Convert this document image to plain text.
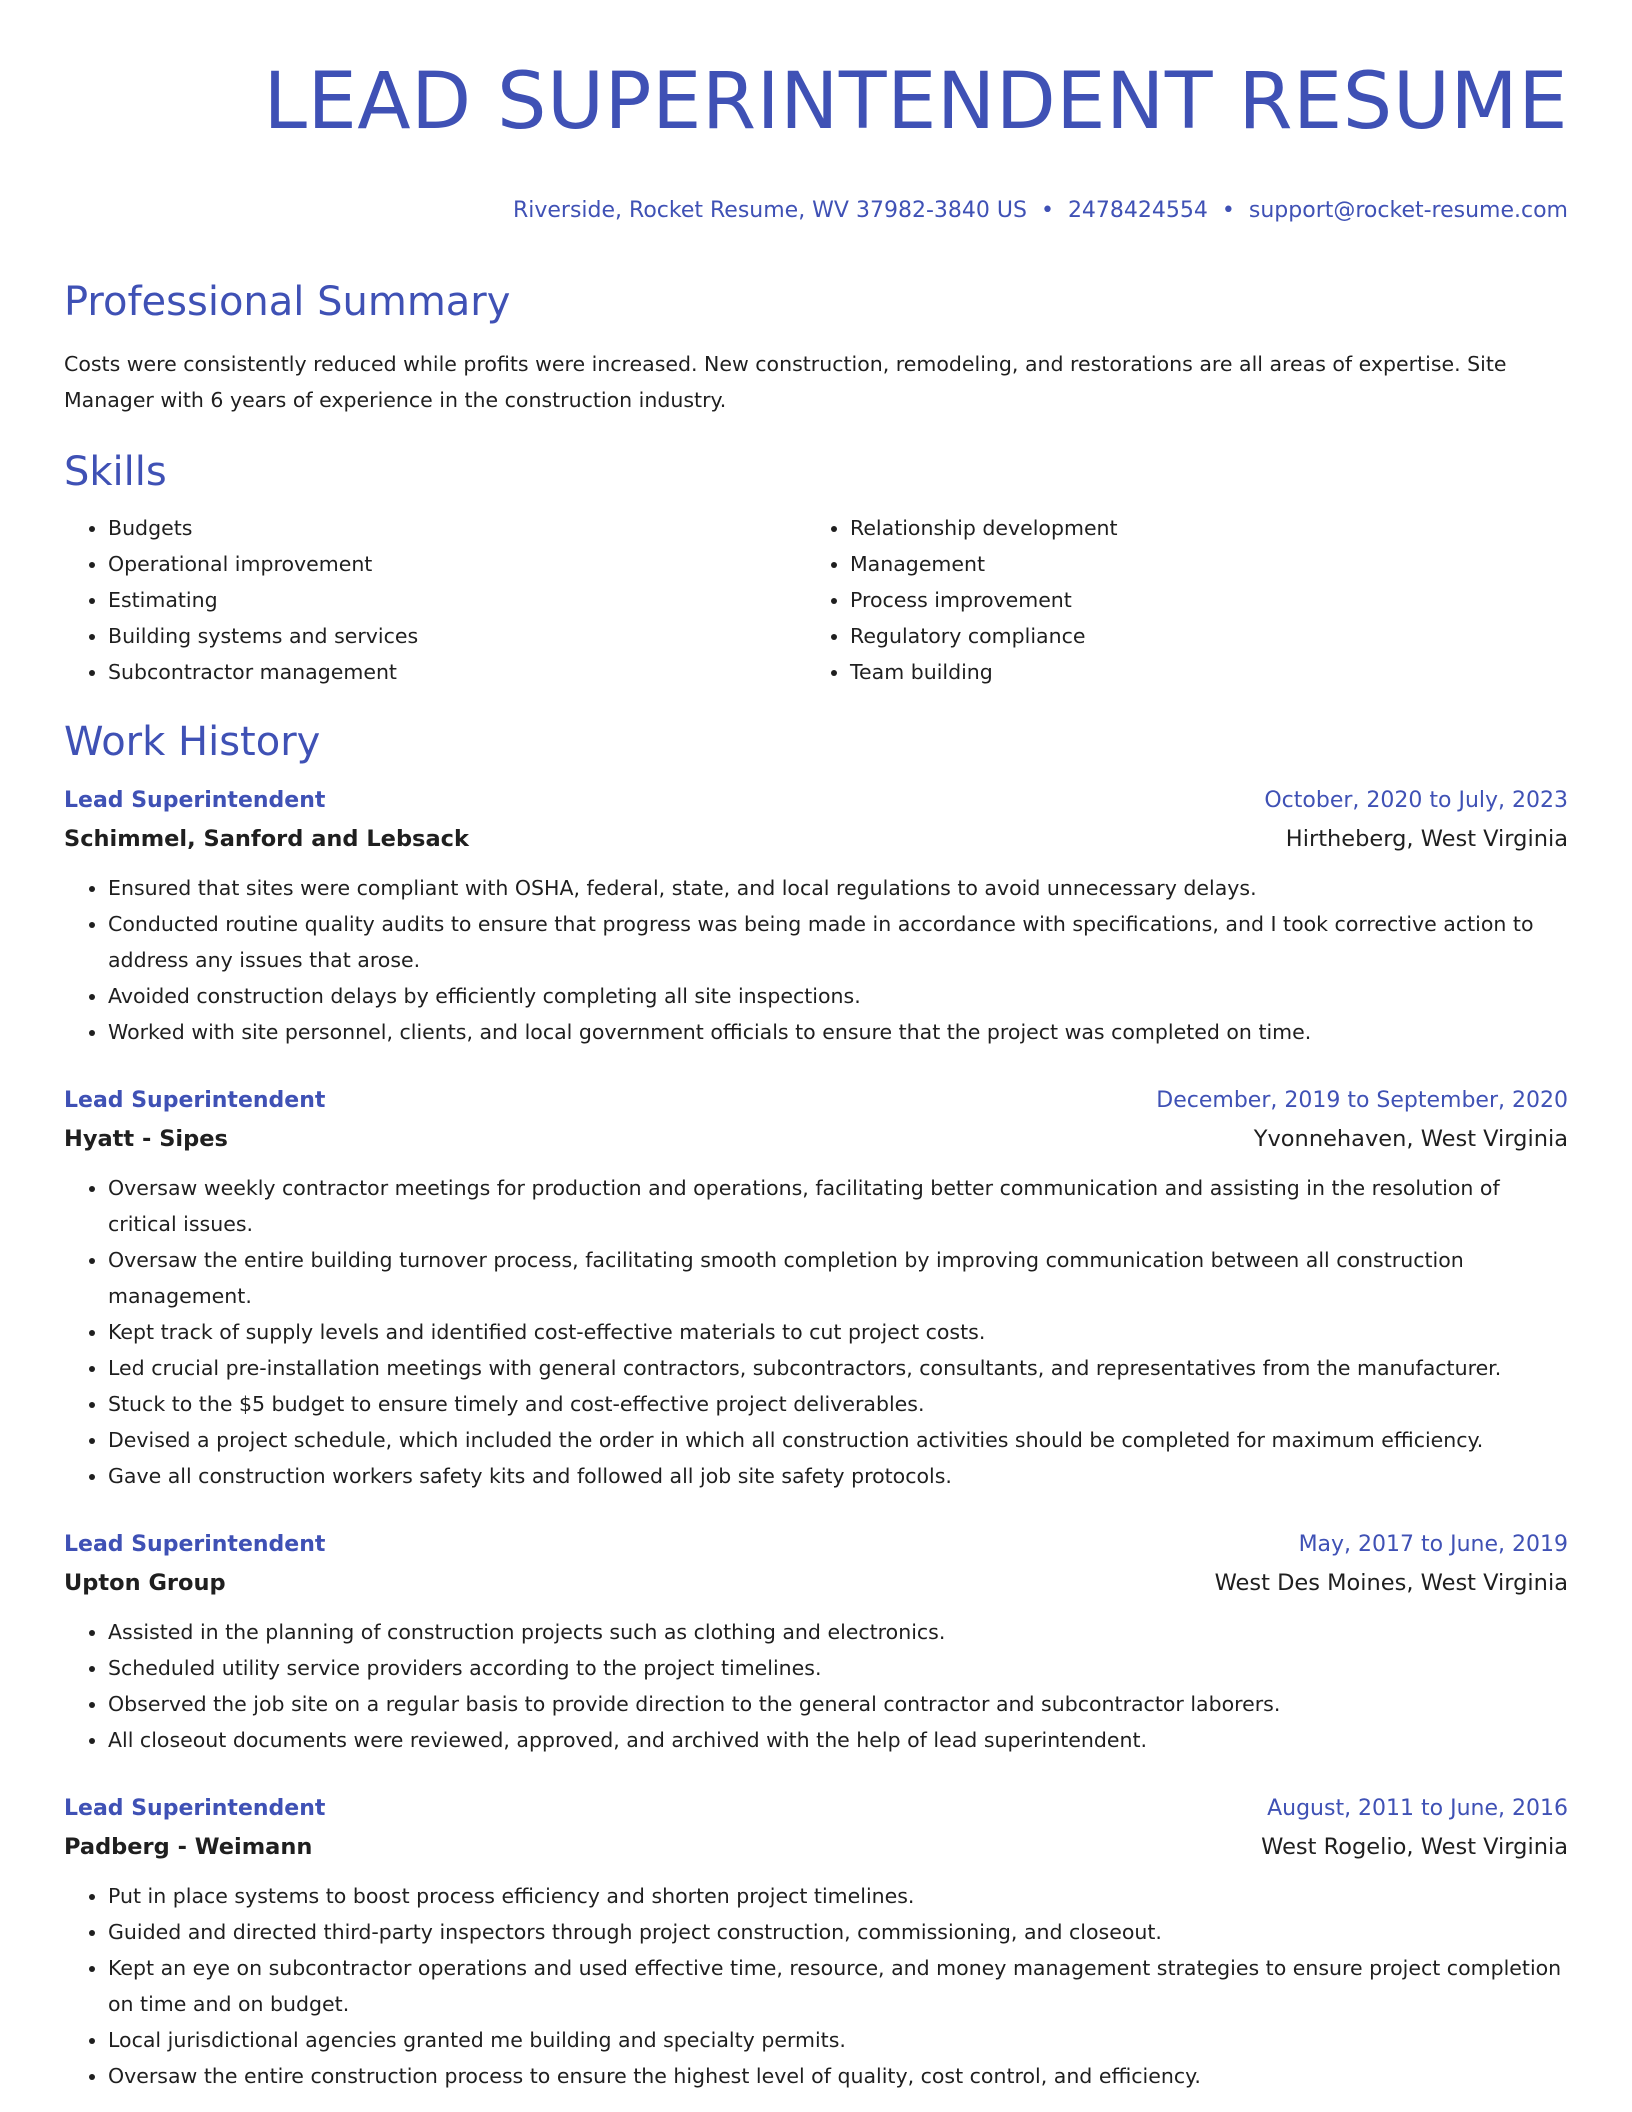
LEAD SUPERINTENDENT RESUME
Riverside, Rocket Resume, WV 37982-3840 US • 2478424554 • support@rocket-resume.com
Professional Summary

Costs were consistently reduced while profits were increased. New construction, remodeling, and restorations are all areas of expertise. Site Manager with 6 years of experience in the construction industry.

Skills
• Budgets
• Operational improvement
• Estimating
• Building systems and services
• Subcontractor management
• Relationship development
• Management
• Process improvement
• Regulatory compliance
• Team building
Work History
Lead Superintendent	October, 2020 to July, 2023
Schimmel, Sanford and Lebsack	Hirtheberg, West Virginia
• Ensured that sites were compliant with OSHA, federal, state, and local regulations to avoid unnecessary delays.
• Conducted routine quality audits to ensure that progress was being made in accordance with specifications, and I took corrective action to address any issues that arose.
• Avoided construction delays by efficiently completing all site inspections.
• Worked with site personnel, clients, and local government officials to ensure that the project was completed on time.
Lead Superintendent	December, 2019 to September, 2020
Hyatt - Sipes	Yvonnehaven, West Virginia
• Oversaw weekly contractor meetings for production and operations, facilitating better communication and assisting in the resolution of critical issues.
• Oversaw the entire building turnover process, facilitating smooth completion by improving communication between all construction management.
• Kept track of supply levels and identified cost-effective materials to cut project costs.
• Led crucial pre-installation meetings with general contractors, subcontractors, consultants, and representatives from the manufacturer.
• Stuck to the $5 budget to ensure timely and cost-effective project deliverables.
• Devised a project schedule, which included the order in which all construction activities should be completed for maximum efficiency.
• Gave all construction workers safety kits and followed all job site safety protocols.
Lead Superintendent	May, 2017 to June, 2019
Upton Group	West Des Moines, West Virginia
• Assisted in the planning of construction projects such as clothing and electronics.
• Scheduled utility service providers according to the project timelines.
• Observed the job site on a regular basis to provide direction to the general contractor and subcontractor laborers.
• All closeout documents were reviewed, approved, and archived with the help of lead superintendent.
Lead Superintendent	August, 2011 to June, 2016
Padberg - Weimann	West Rogelio, West Virginia
• Put in place systems to boost process efficiency and shorten project timelines.
• Guided and directed third-party inspectors through project construction, commissioning, and closeout.
• Kept an eye on subcontractor operations and used effective time, resource, and money management strategies to ensure project completion on time and on budget.
• Local jurisdictional agencies granted me building and specialty permits.
• Oversaw the entire construction process to ensure the highest level of quality, cost control, and efficiency.
